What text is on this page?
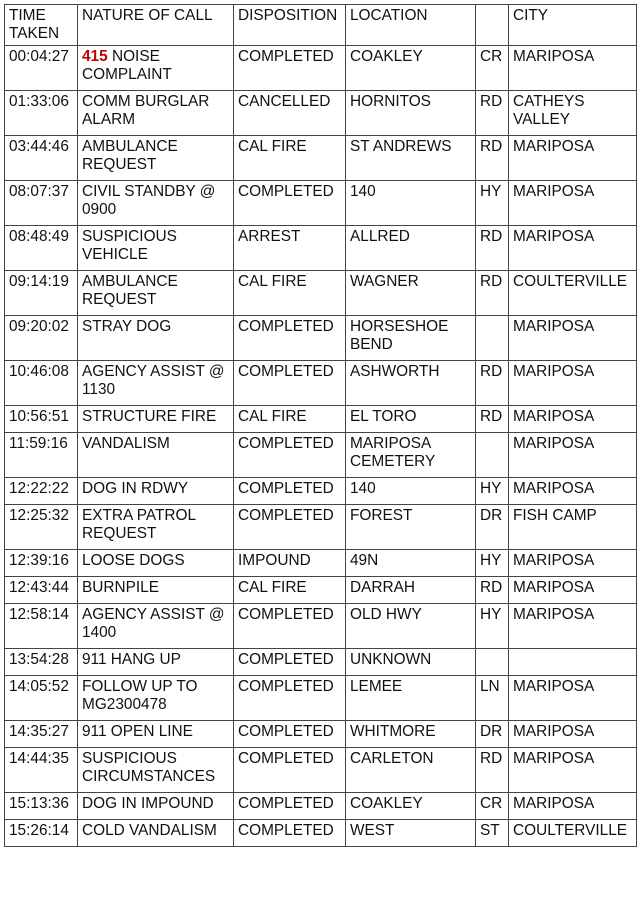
TIME TAKEN	NATURE OF CALL	DISPOSITION	LOCATION		CITY
00:04:27	415 NOISE COMPLAINT	COMPLETED	COAKLEY	CR	MARIPOSA
01:33:06	COMM BURGLAR ALARM	CANCELLED	HORNITOS	RD	CATHEYS VALLEY
03:44:46	AMBULANCE REQUEST	CAL FIRE	ST ANDREWS	RD	MARIPOSA
08:07:37	CIVIL STANDBY @ 0900	COMPLETED	140	HY	MARIPOSA
08:48:49	SUSPICIOUS VEHICLE	ARREST	ALLRED	RD	MARIPOSA
09:14:19	AMBULANCE REQUEST	CAL FIRE	WAGNER	RD	COULTERVILLE
09:20:02	STRAY DOG	COMPLETED	HORSESHOE BEND		MARIPOSA
10:46:08	AGENCY ASSIST @ 1130	COMPLETED	ASHWORTH	RD	MARIPOSA
10:56:51	STRUCTURE FIRE	CAL FIRE	EL TORO	RD	MARIPOSA
11:59:16	VANDALISM	COMPLETED	MARIPOSA CEMETERY		MARIPOSA
12:22:22	DOG IN RDWY	COMPLETED	140	HY	MARIPOSA
12:25:32	EXTRA PATROL REQUEST	COMPLETED	FOREST	DR	FISH CAMP
12:39:16	LOOSE DOGS	IMPOUND	49N	HY	MARIPOSA
12:43:44	BURNPILE	CAL FIRE	DARRAH	RD	MARIPOSA
12:58:14	AGENCY ASSIST @ 1400	COMPLETED	OLD HWY	HY	MARIPOSA
13:54:28	911 HANG UP	COMPLETED	UNKNOWN		
14:05:52	FOLLOW UP TO MG2300478	COMPLETED	LEMEE	LN	MARIPOSA
14:35:27	911 OPEN LINE	COMPLETED	WHITMORE	DR	MARIPOSA
14:44:35	SUSPICIOUS CIRCUMSTANCES	COMPLETED	CARLETON	RD	MARIPOSA
15:13:36	DOG IN IMPOUND	COMPLETED	COAKLEY	CR	MARIPOSA
15:26:14	COLD VANDALISM	COMPLETED	WEST	ST	COULTERVILLE
